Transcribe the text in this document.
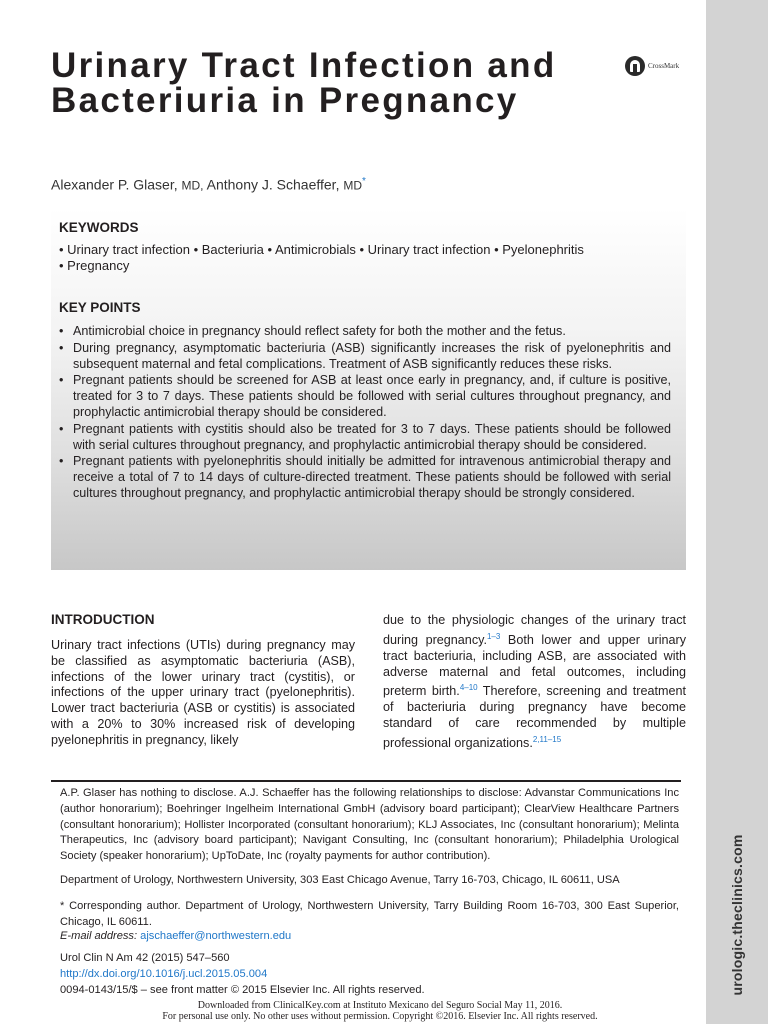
urologic.theclinics.com
Urinary Tract Infection and Bacteriuria in Pregnancy
CrossMark
Alexander P. Glaser, MD, Anthony J. Schaeffer, MD*
KEYWORDS
• Urinary tract infection • Bacteriuria • Antimicrobials • Urinary tract infection • Pyelonephritis
• Pregnancy
KEY POINTS
• Antimicrobial choice in pregnancy should reflect safety for both the mother and the fetus.
• During pregnancy, asymptomatic bacteriuria (ASB) significantly increases the risk of pyelonephritis and subsequent maternal and fetal complications. Treatment of ASB significantly reduces these risks.
• Pregnant patients should be screened for ASB at least once early in pregnancy, and, if culture is positive, treated for 3 to 7 days. These patients should be followed with serial cultures throughout pregnancy, and prophylactic antimicrobial therapy should be considered.
• Pregnant patients with cystitis should also be treated for 3 to 7 days. These patients should be followed with serial cultures throughout pregnancy, and prophylactic antimicrobial therapy should be considered.
• Pregnant patients with pyelonephritis should initially be admitted for intravenous antimicrobial therapy and receive a total of 7 to 14 days of culture-directed treatment. These patients should be followed with serial cultures throughout pregnancy, and prophylactic antimicrobial therapy should be strongly considered.
INTRODUCTION
Urinary tract infections (UTIs) during pregnancy may be classified as asymptomatic bacteriuria (ASB), infections of the lower urinary tract (cystitis), or infections of the upper urinary tract (pyelonephritis). Lower tract bacteriuria (ASB or cystitis) is associated with a 20% to 30% increased risk of developing pyelonephritis in pregnancy, likely
due to the physiologic changes of the urinary tract during pregnancy.$^{1-3}$ Both lower and upper urinary tract bacteriuria, including ASB, are associated with adverse maternal and fetal outcomes, including preterm birth.$^{4-10}$ Therefore, screening and treatment of bacteriuria during pregnancy have become standard of care recommended by multiple professional organizations.$^{2,11-15}$
A.P. Glaser has nothing to disclose. A.J. Schaeffer has the following relationships to disclose: Advanstar Communications Inc (author honorarium); Boehringer Ingelheim International GmbH (advisory board participant); ClearView Healthcare Partners (consultant honorarium); Hollister Incorporated (consultant honorarium); KLJ Associates, Inc (consultant honorarium); Melinta Therapeutics, Inc (advisory board participant); Navigant Consulting, Inc (consultant honorarium); Philadelphia Urological Society (speaker honorarium); UpToDate, Inc (royalty payments for author contribution).
Department of Urology, Northwestern University, 303 East Chicago Avenue, Tarry 16-703, Chicago, IL 60611, USA
* Corresponding author. Department of Urology, Northwestern University, Tarry Building Room 16-703, 300 East Superior, Chicago, IL 60611.
E-mail address: ajschaeffer@northwestern.edu
Urol Clin N Am 42 (2015) 547–560
http://dx.doi.org/10.1016/j.ucl.2015.05.004
0094-0143/15/$ – see front matter © 2015 Elsevier Inc. All rights reserved.
Downloaded from ClinicalKey.com at Instituto Mexicano del Seguro Social May 11, 2016.
For personal use only. No other uses without permission. Copyright ©2016. Elsevier Inc. All rights reserved.
